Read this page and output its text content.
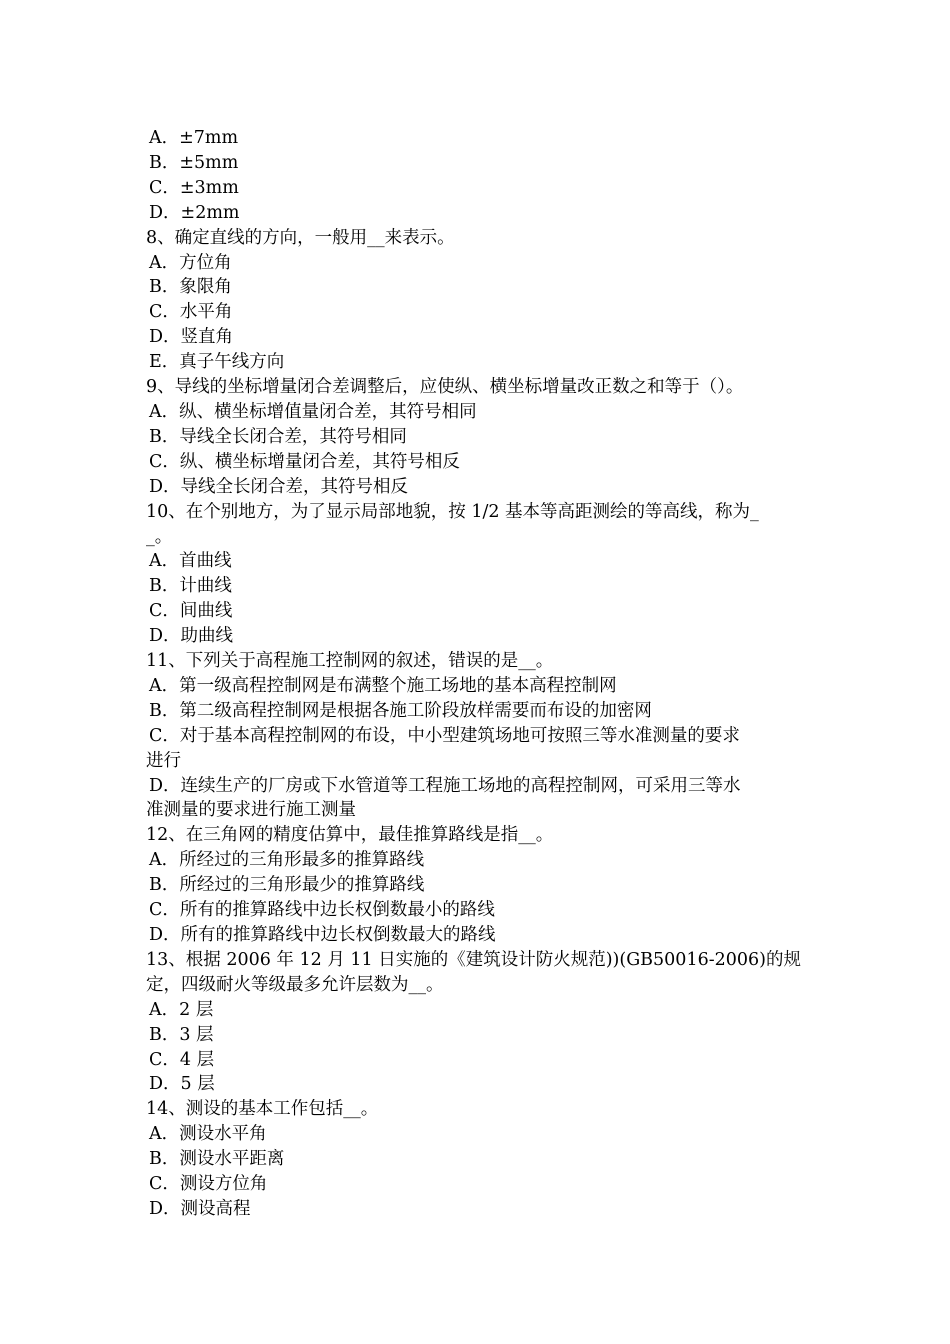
A．±7mm
B．±5mm
C．±3mm
D．±2mm
8、确定直线的方向，一般用__来表示。
A．方位角
B．象限角
C．水平角
D．竖直角
E．真子午线方向
9、导线的坐标增量闭合差调整后，应使纵、横坐标增量改正数之和等于（）。
A．纵、横坐标增值量闭合差，其符号相同
B．导线全长闭合差，其符号相同
C．纵、横坐标增量闭合差，其符号相反
D．导线全长闭合差，其符号相反
10、在个别地方，为了显示局部地貌，按 1/2 基本等高距测绘的等高线，称为_
_。
A．首曲线
B．计曲线
C．间曲线
D．助曲线
11、下列关于高程施工控制网的叙述，错误的是__。
A．第一级高程控制网是布满整个施工场地的基本高程控制网
B．第二级高程控制网是根据各施工阶段放样需要而布设的加密网
C．对于基本高程控制网的布设，中小型建筑场地可按照三等水准测量的要求
进行
D．连续生产的厂房或下水管道等工程施工场地的高程控制网，可采用三等水
准测量的要求进行施工测量
12、在三角网的精度估算中，最佳推算路线是指__。
A．所经过的三角形最多的推算路线
B．所经过的三角形最少的推算路线
C．所有的推算路线中边长权倒数最小的路线
D．所有的推算路线中边长权倒数最大的路线
13、根据 2006 年 12 月 11 日实施的《建筑设计防火规范))(GB50016-2006)的规
定，四级耐火等级最多允许层数为__。
A．2 层
B．3 层
C．4 层
D．5 层
14、测设的基本工作包括__。
A．测设水平角
B．测设水平距离
C．测设方位角
D．测设高程
